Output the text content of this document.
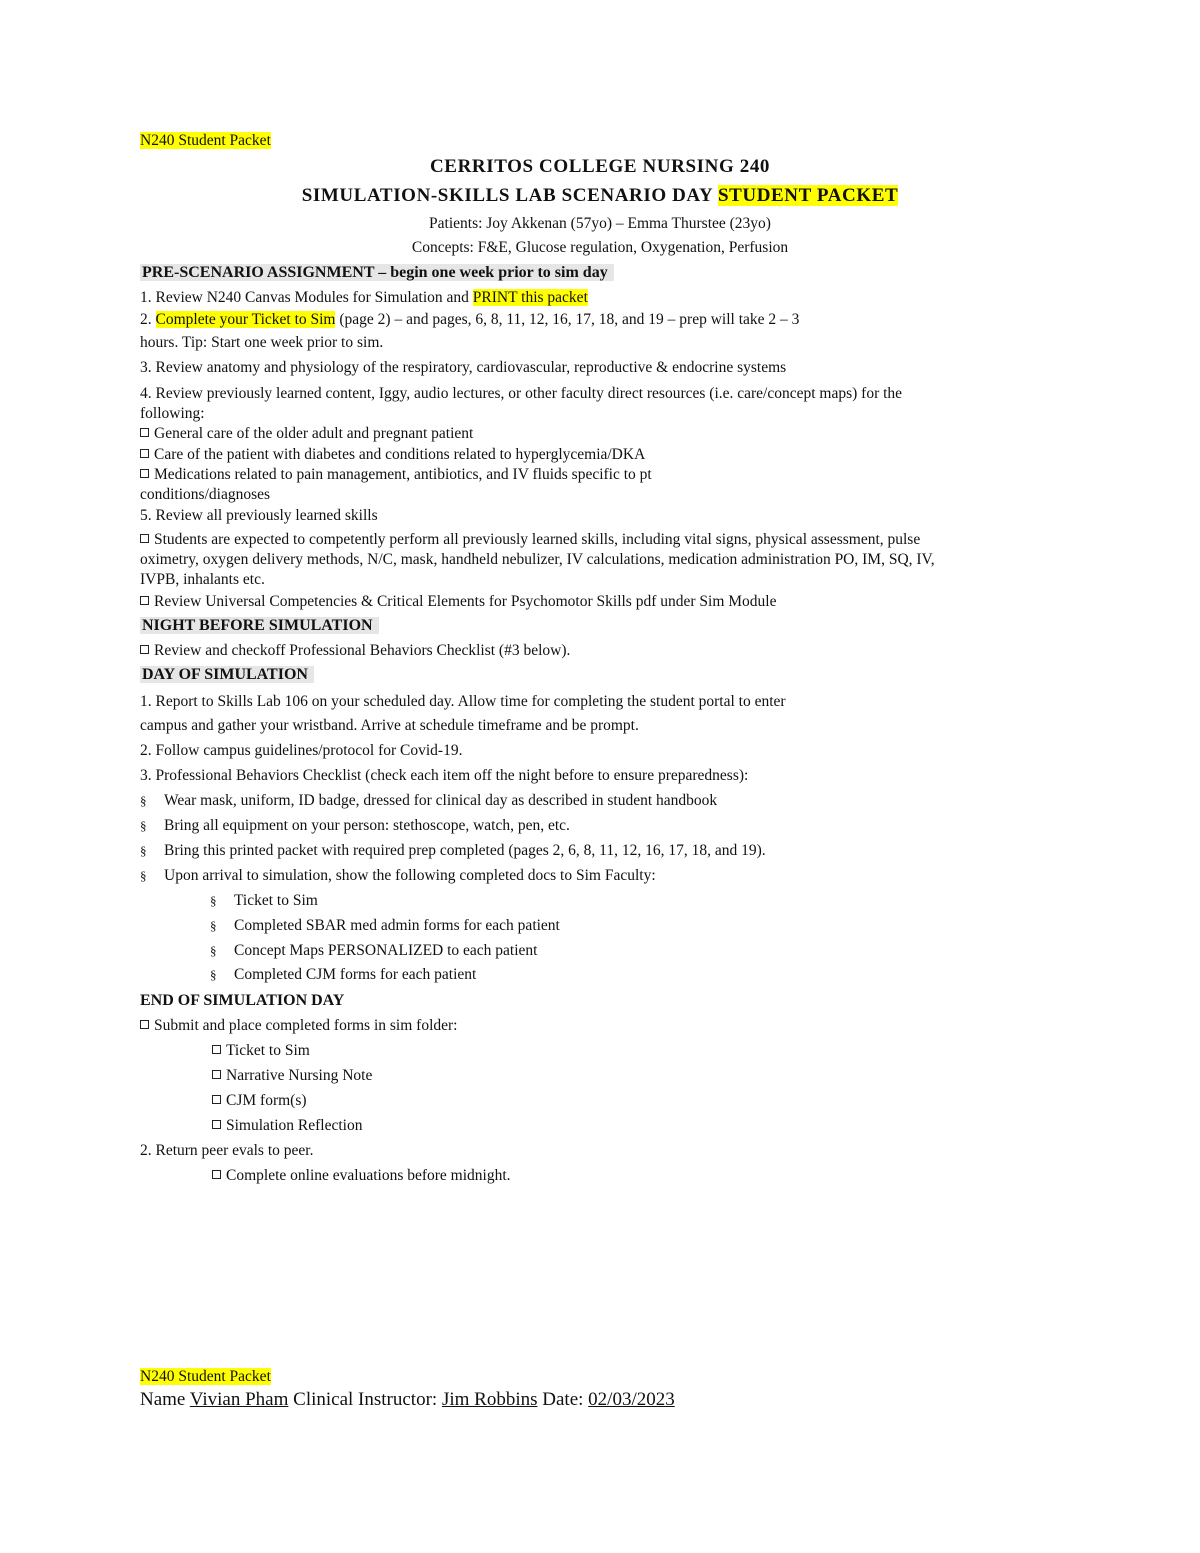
N240 Student Packet
CERRITOS COLLEGE NURSING 240
SIMULATION-SKILLS LAB SCENARIO DAY STUDENT PACKET
Patients: Joy Akkenan (57yo) – Emma Thurstee (23yo)
Concepts: F&E, Glucose regulation, Oxygenation, Perfusion
PRE-SCENARIO ASSIGNMENT – begin one week prior to sim day
1. Review N240 Canvas Modules for Simulation and PRINT this packet
2. Complete your Ticket to Sim (page 2) – and pages, 6, 8, 11, 12, 16, 17, 18, and 19 – prep will take 2 – 3
hours. Tip: Start one week prior to sim.
3. Review anatomy and physiology of the respiratory, cardiovascular, reproductive & endocrine systems
4. Review previously learned content, Iggy, audio lectures, or other faculty direct resources (i.e. care/concept maps) for the
following:
General care of the older adult and pregnant patient
Care of the patient with diabetes and conditions related to hyperglycemia/DKA
Medications related to pain management, antibiotics, and IV fluids specific to pt
conditions/diagnoses
5. Review all previously learned skills
Students are expected to competently perform all previously learned skills, including vital signs, physical assessment, pulse
oximetry, oxygen delivery methods, N/C, mask, handheld nebulizer, IV calculations, medication administration PO, IM, SQ, IV,
IVPB, inhalants etc.
Review Universal Competencies & Critical Elements for Psychomotor Skills pdf under Sim Module
NIGHT BEFORE SIMULATION
Review and checkoff Professional Behaviors Checklist (#3 below).
DAY OF SIMULATION
1. Report to Skills Lab 106 on your scheduled day. Allow time for completing the student portal to enter
campus and gather your wristband. Arrive at schedule timeframe and be prompt.
2. Follow campus guidelines/protocol for Covid-19.
3. Professional Behaviors Checklist (check each item off the night before to ensure preparedness):
§ Wear mask, uniform, ID badge, dressed for clinical day as described in student handbook
§ Bring all equipment on your person: stethoscope, watch, pen, etc.
§ Bring this printed packet with required prep completed (pages 2, 6, 8, 11, 12, 16, 17, 18, and 19).
§ Upon arrival to simulation, show the following completed docs to Sim Faculty:
§ Ticket to Sim
§ Completed SBAR med admin forms for each patient
§ Concept Maps PERSONALIZED to each patient
§ Completed CJM forms for each patient
END OF SIMULATION DAY
Submit and place completed forms in sim folder:
Ticket to Sim
Narrative Nursing Note
CJM form(s)
Simulation Reflection
2. Return peer evals to peer.
Complete online evaluations before midnight.
N240 Student Packet
Name Vivian Pham Clinical Instructor: Jim Robbins Date: 02/03/2023
